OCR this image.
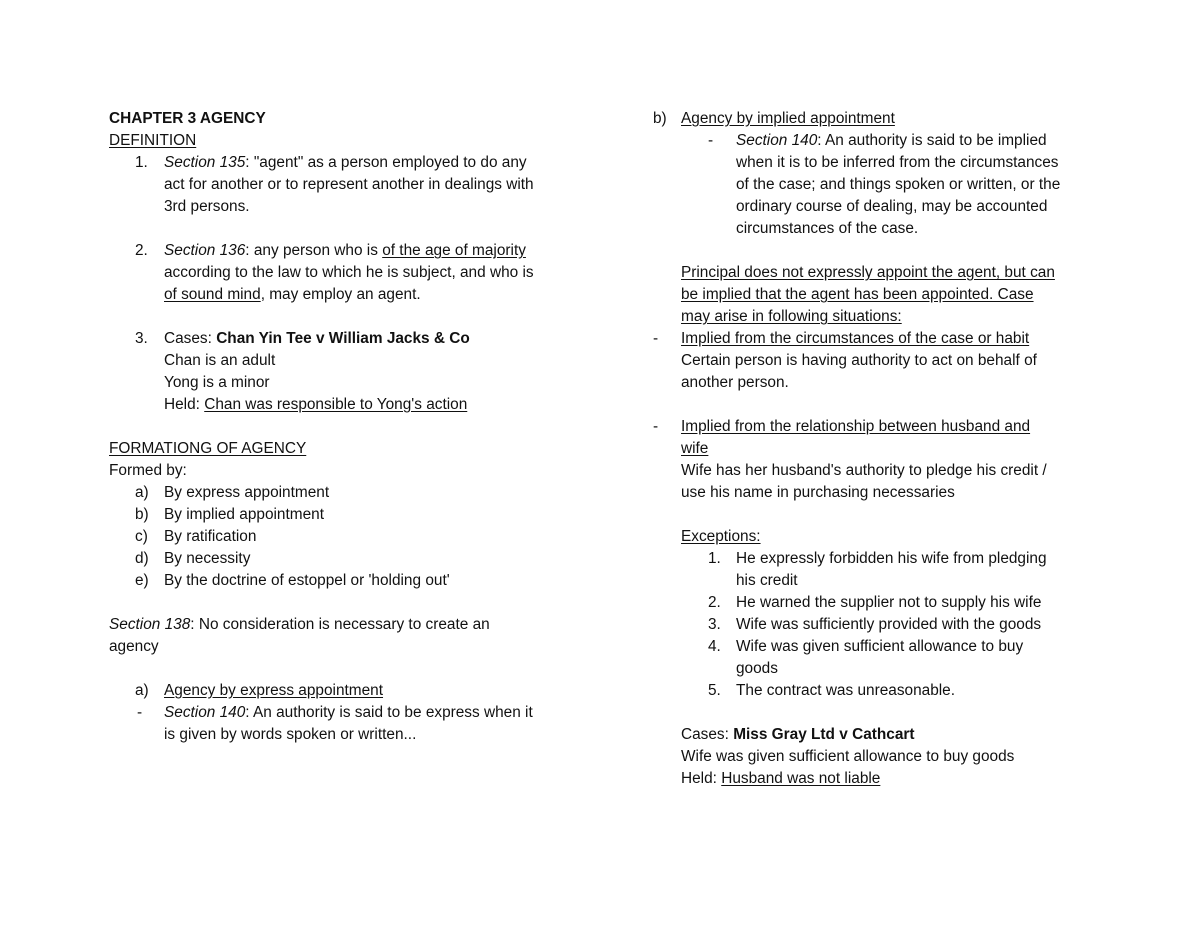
CHAPTER 3 AGENCY
DEFINITION
1. Section 135: "agent" as a person employed to do any
act for another or to represent another in dealings with
3rd persons.
2. Section 136: any person who is of the age of majority
according to the law to which he is subject, and who is
of sound mind, may employ an agent.
3. Cases: Chan Yin Tee v William Jacks & Co
Chan is an adult
Yong is a minor
Held: Chan was responsible to Yong's action
FORMATIONG OF AGENCY
Formed by:
a) By express appointment
b) By implied appointment
c) By ratification
d) By necessity
e) By the doctrine of estoppel or 'holding out'
Section 138: No consideration is necessary to create an
agency
a) Agency by express appointment
- Section 140: An authority is said to be express when it
is given by words spoken or written...
b) Agency by implied appointment
- Section 140: An authority is said to be implied
when it is to be inferred from the circumstances
of the case; and things spoken or written, or the
ordinary course of dealing, may be accounted
circumstances of the case.
Principal does not expressly appoint the agent, but can
be implied that the agent has been appointed. Case
may arise in following situations:
- Implied from the circumstances of the case or habit
Certain person is having authority to act on behalf of
another person.
- Implied from the relationship between husband and
wife
Wife has her husband's authority to pledge his credit /
use his name in purchasing necessaries
Exceptions:
1. He expressly forbidden his wife from pledging
his credit
2. He warned the supplier not to supply his wife
3. Wife was sufficiently provided with the goods
4. Wife was given sufficient allowance to buy
goods
5. The contract was unreasonable.
Cases: Miss Gray Ltd v Cathcart
Wife was given sufficient allowance to buy goods
Held: Husband was not liable
